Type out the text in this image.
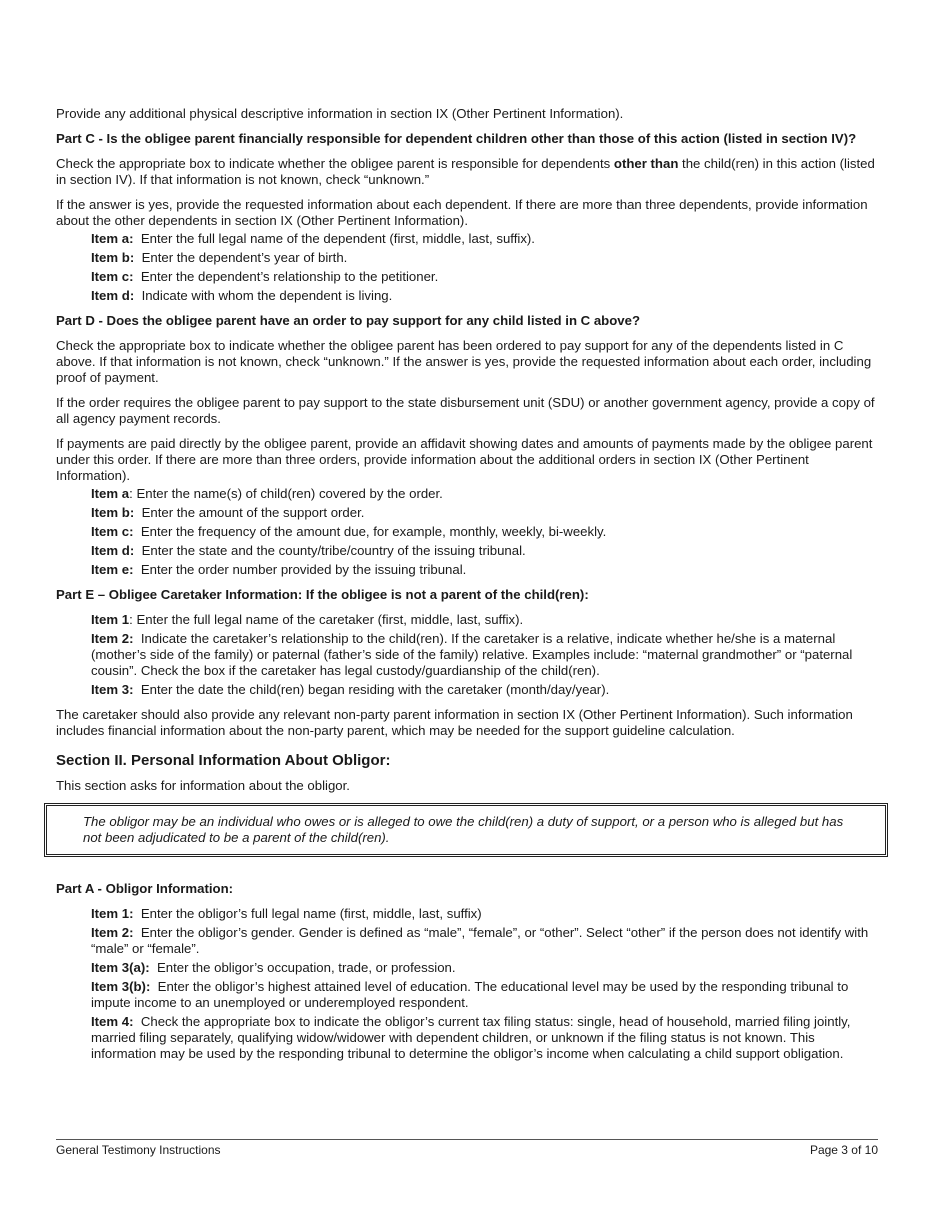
Provide any additional physical descriptive information in section IX (Other Pertinent Information).

Part C - Is the obligee parent financially responsible for dependent children other than those of this action (listed in section IV)?

Check the appropriate box to indicate whether the obligee parent is responsible for dependents other than the child(ren) in this action (listed in section IV). If that information is not known, check “unknown.”

If the answer is yes, provide the requested information about each dependent. If there are more than three dependents, provide information about the other dependents in section IX (Other Pertinent Information).

Item a: Enter the full legal name of the dependent (first, middle, last, suffix).
Item b: Enter the dependent’s year of birth.
Item c: Enter the dependent’s relationship to the petitioner.
Item d: Indicate with whom the dependent is living.
Part D - Does the obligee parent have an order to pay support for any child listed in C above?

Check the appropriate box to indicate whether the obligee parent has been ordered to pay support for any of the dependents listed in C above. If that information is not known, check “unknown.” If the answer is yes, provide the requested information about each order, including proof of payment.

If the order requires the obligee parent to pay support to the state disbursement unit (SDU) or another government agency, provide a copy of all agency payment records.

If payments are paid directly by the obligee parent, provide an affidavit showing dates and amounts of payments made by the obligee parent under this order. If there are more than three orders, provide information about the additional orders in section IX (Other Pertinent Information).

Item a: Enter the name(s) of child(ren) covered by the order.
Item b: Enter the amount of the support order.
Item c: Enter the frequency of the amount due, for example, monthly, weekly, bi-weekly.
Item d: Enter the state and the county/tribe/country of the issuing tribunal.
Item e: Enter the order number provided by the issuing tribunal.
Part E – Obligee Caretaker Information: If the obligee is not a parent of the child(ren):
Item 1: Enter the full legal name of the caretaker (first, middle, last, suffix).
Item 2: Indicate the caretaker’s relationship to the child(ren). If the caretaker is a relative, indicate whether he/she is a maternal (mother’s side of the family) or paternal (father’s side of the family) relative. Examples include: “maternal grandmother” or “paternal cousin”. Check the box if the caretaker has legal custody/guardianship of the child(ren).
Item 3: Enter the date the child(ren) began residing with the caretaker (month/day/year).

The caretaker should also provide any relevant non-party parent information in section IX (Other Pertinent Information). Such information includes financial information about the non-party parent, which may be needed for the support guideline calculation.

Section II. Personal Information About Obligor:

This section asks for information about the obligor.

The obligor may be an individual who owes or is alleged to owe the child(ren) a duty of support, or a person who is alleged but has not been adjudicated to be a parent of the child(ren).

Part A - Obligor Information:
Item 1: Enter the obligor’s full legal name (first, middle, last, suffix)
Item 2: Enter the obligor’s gender. Gender is defined as “male”, “female”, or “other”. Select “other” if the person does not identify with “male” or “female”.
Item 3(a): Enter the obligor’s occupation, trade, or profession.
Item 3(b): Enter the obligor’s highest attained level of education. The educational level may be used by the responding tribunal to impute income to an unemployed or underemployed respondent.
Item 4: Check the appropriate box to indicate the obligor’s current tax filing status: single, head of household, married filing jointly, married filing separately, qualifying widow/widower with dependent children, or unknown if the filing status is not known. This information may be used by the responding tribunal to determine the obligor’s income when calculating a child support obligation.
General Testimony Instructions	Page 3 of 10
